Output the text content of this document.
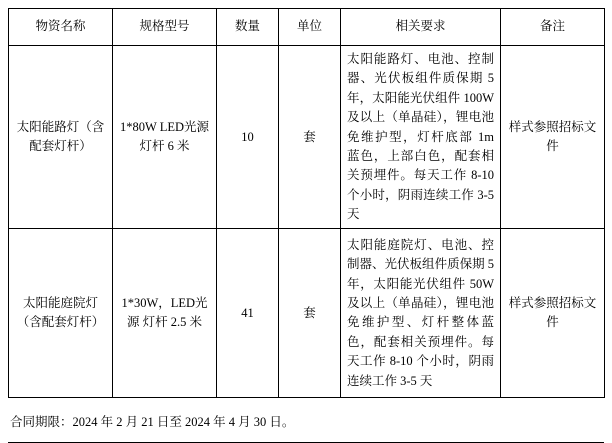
物资名称	规格型号	数量	单位	相关要求	备注
太阳能路灯（含配套灯杆）	1*80W LED光源 灯杆 6 米	10	套	太阳能路灯、电池、控制器、光伏板组件质保期 5 年，太阳能光伏组件 100W 及以上（单晶硅），锂电池免维护型，灯杆底部 1m 蓝色，上部白色，配套相关预埋件。每天工作 8-10 个小时，阴雨连续工作 3-5 天	样式参照招标文件
太阳能庭院灯（含配套灯杆）	1*30W，LED光源 灯杆 2.5 米	41	套	太阳能庭院灯、电池、控制器、光伏板组件质保期 5 年，太阳能光伏组件 50W 及以上（单晶硅），锂电池免维护型、灯杆整体蓝色，配套相关预埋件。每天工作 8-10 个小时，阴雨连续工作 3-5 天	样式参照招标文件
合同期限：2024 年 2 月 21 日至 2024 年 4 月 30 日。
